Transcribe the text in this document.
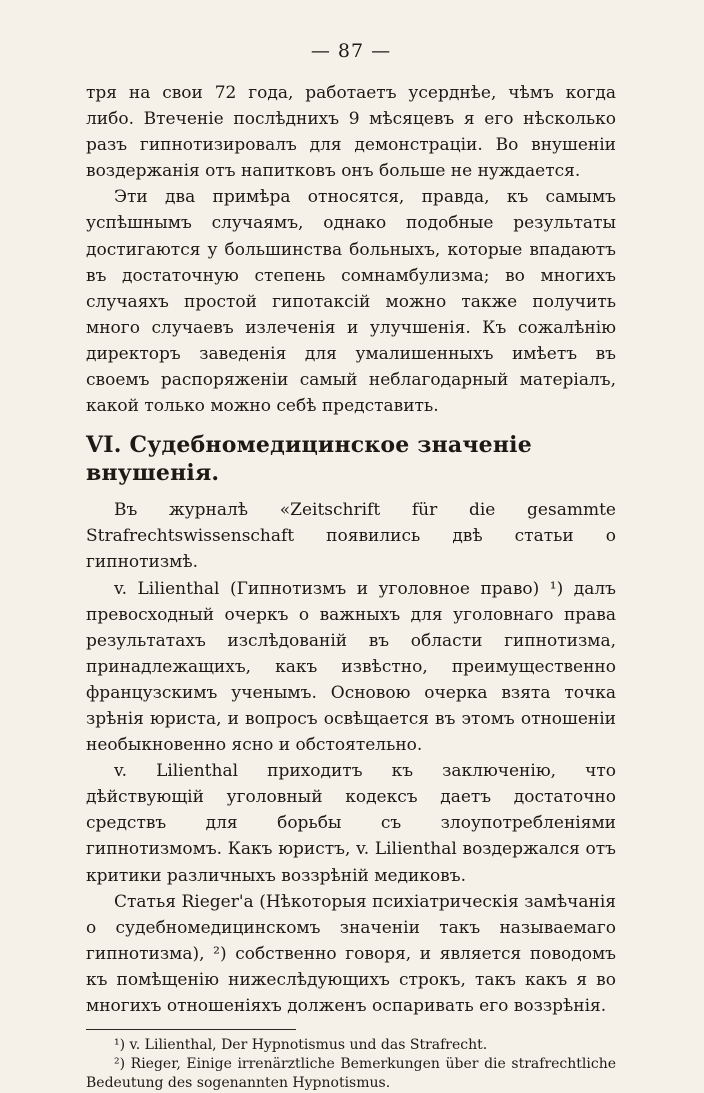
— 87 —

тря на свои 72 года, работаетъ усерднѣе, чѣмъ когда либо. Втеченіе послѣднихъ 9 мѣсяцевъ я его нѣсколько разъ гипнотизировалъ для демонстраціи. Во внушеніи воздержанія отъ напитковъ онъ больше не нуждается.

Эти два примѣра относятся, правда, къ самымъ успѣшнымъ случаямъ, однако подобные результаты достигаются у большинства больныхъ, которые впадаютъ въ достаточную степень сомнамбулизма; во многихъ случаяхъ простой гипотаксій можно также получить много случаевъ излеченія и улучшенія. Къ сожалѣнію директоръ заведенія для умалишенныхъ имѣетъ въ своемъ распоряженіи самый неблагодарный матеріалъ, какой только можно себѣ представить.

VI. Судебномедицинское значеніе внушенія.

Въ журналѣ «Zeitschrift für die gesammte Strafrechtswissenschaft появились двѣ статьи о гипнотизмѣ.

v. Lilienthal (Гипнотизмъ и уголовное право) ¹) далъ превосходный очеркъ о важныхъ для уголовнаго права результатахъ изслѣдованій въ области гипнотизма, принадлежащихъ, какъ извѣстно, преимущественно французскимъ ученымъ. Основою очерка взята точка зрѣнія юриста, и вопросъ освѣщается въ этомъ отношеніи необыкновенно ясно и обстоятельно.

v. Lilienthal приходитъ къ заключенію, что дѣйствующій уголовный кодексъ даетъ достаточно средствъ для борьбы съ злоупотребленіями гипнотизмомъ. Какъ юристъ, v. Lilienthal воздержался отъ критики различныхъ воззрѣній медиковъ.

Статья Rieger'а (Нѣкоторыя психіатрическія замѣчанія о судебномедицинскомъ значеніи такъ называемаго гипнотизма), ²) собственно говоря, и является поводомъ къ помѣщенію нижеслѣдующихъ строкъ, такъ какъ я во многихъ отношеніяхъ долженъ оспаривать его воззрѣнія.

¹) v. Lilienthal, Der Hypnotismus und das Strafrecht.

²) Rieger, Einige irrenärztliche Bemerkungen über die strafrechtliche Bedeutung des sogenannten Hypnotismus.
